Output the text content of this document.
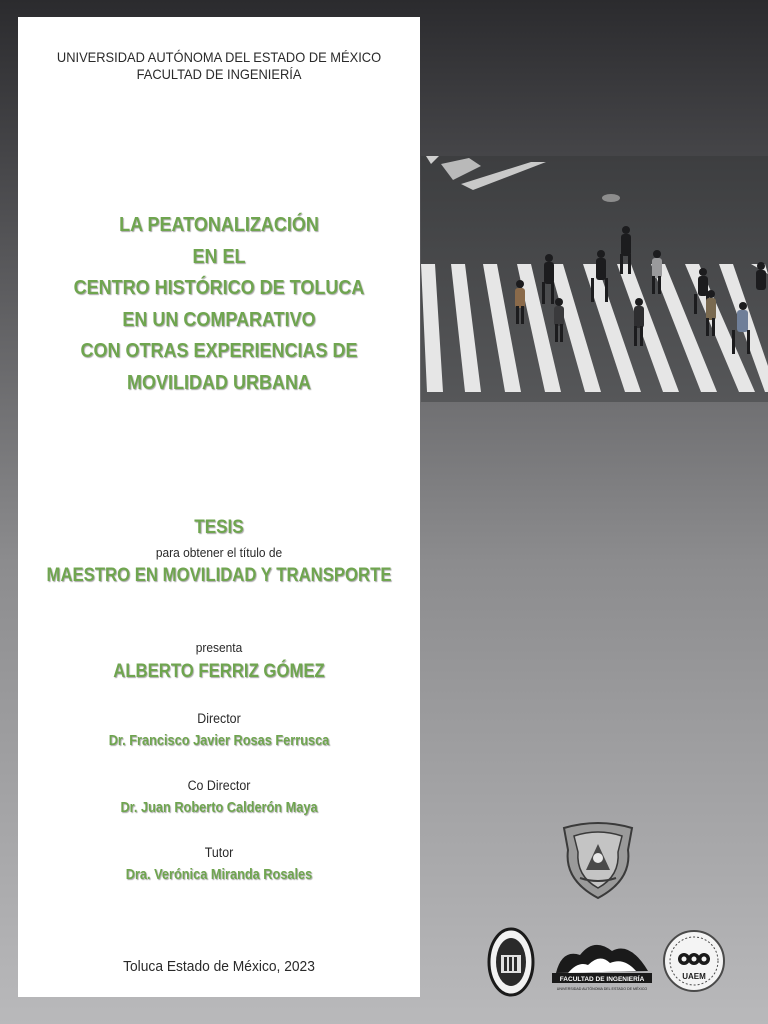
UNIVERSIDAD AUTÓNOMA DEL ESTADO DE MÉXICO
FACULTAD DE INGENIERÍA
LA PEATONALIZACIÓN
EN EL
CENTRO HISTÓRICO DE TOLUCA
EN UN COMPARATIVO
CON OTRAS EXPERIENCIAS DE
MOVILIDAD URBANA
TESIS
para obtener el título de
MAESTRO EN MOVILIDAD Y TRANSPORTE
presenta
ALBERTO FERRIZ GÓMEZ
Director
Dr. Francisco Javier Rosas Ferrusca
Co Director
Dr. Juan Roberto Calderón Maya
Tutor
Dra. Verónica Miranda Rosales
Toluca Estado de México, 2023
FACULTAD DE INGENIERÍA
UNIVERSIDAD AUTÓNOMA DEL ESTADO DE MÉXICO
UAEM
